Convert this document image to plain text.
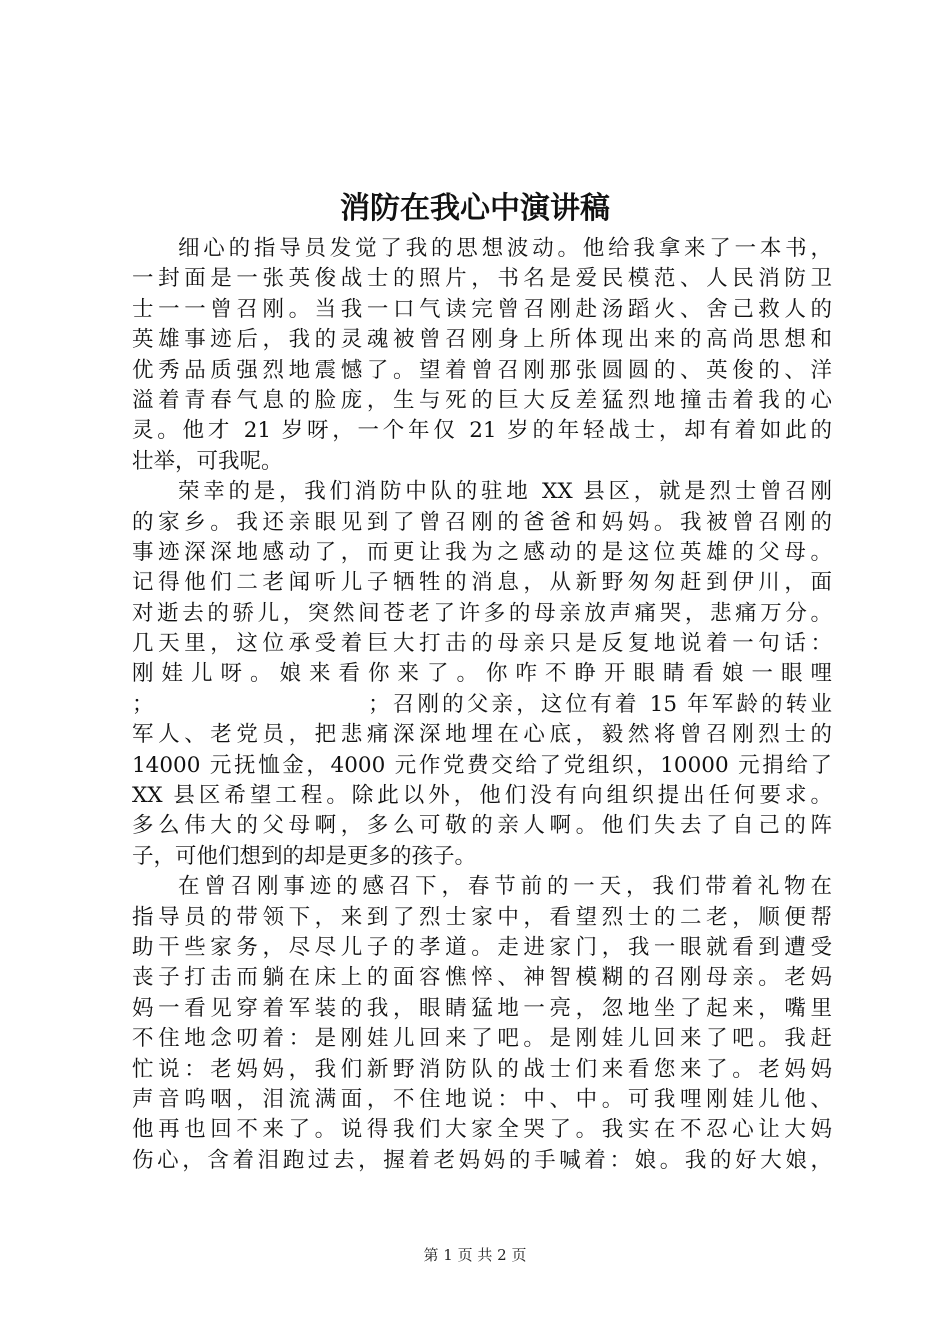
消防在我心中演讲稿
细心的指导员发觉了我的思想波动。他给我拿来了一本书，
一封面是一张英俊战士的照片，书名是爱民模范、人民消防卫
士一一曾召刚。当我一口气读完曾召刚赴汤蹈火、舍己救人的
英雄事迹后，我的灵魂被曾召刚身上所体现出来的高尚思想和
优秀品质强烈地震憾了。望着曾召刚那张圆圆的、英俊的、洋
溢着青春气息的脸庞，生与死的巨大反差猛烈地撞击着我的心
灵。他才 21 岁呀，一个年仅 21 岁的年轻战士，却有着如此的
壮举，可我呢。
荣幸的是，我们消防中队的驻地 XX 县区，就是烈士曾召刚
的家乡。我还亲眼见到了曾召刚的爸爸和妈妈。我被曾召刚的
事迹深深地感动了，而更让我为之感动的是这位英雄的父母。
记得他们二老闻听儿子牺牲的消息，从新野匆匆赶到伊川，面
对逝去的骄儿，突然间苍老了许多的母亲放声痛哭，悲痛万分。
几天里，这位承受着巨大打击的母亲只是反复地说着一句话：
刚娃儿呀。娘来看你来了。你咋不睁开眼睛看娘一眼哩
；　　　　　　　　　；召刚的父亲，这位有着 15 年军龄的转业
军人、老党员，把悲痛深深地埋在心底，毅然将曾召刚烈士的
14000 元抚恤金，4000 元作党费交给了党组织，10000 元捐给了
XX 县区希望工程。除此以外，他们没有向组织提出任何要求。
多么伟大的父母啊，多么可敬的亲人啊。他们失去了自己的阵
子，可他们想到的却是更多的孩子。
在曾召刚事迹的感召下，春节前的一天，我们带着礼物在
指导员的带领下，来到了烈士家中，看望烈士的二老，顺便帮
助干些家务，尽尽儿子的孝道。走进家门，我一眼就看到遭受
丧子打击而躺在床上的面容憔悴、神智模糊的召刚母亲。老妈
妈一看见穿着军装的我，眼睛猛地一亮，忽地坐了起来，嘴里
不住地念叨着：是刚娃儿回来了吧。是刚娃儿回来了吧。我赶
忙说：老妈妈，我们新野消防队的战士们来看您来了。老妈妈
声音呜咽，泪流满面，不住地说：中、中。可我哩刚娃儿他、
他再也回不来了。说得我们大家全哭了。我实在不忍心让大妈
伤心，含着泪跑过去，握着老妈妈的手喊着：娘。我的好大娘，
第 1 页 共 2 页
